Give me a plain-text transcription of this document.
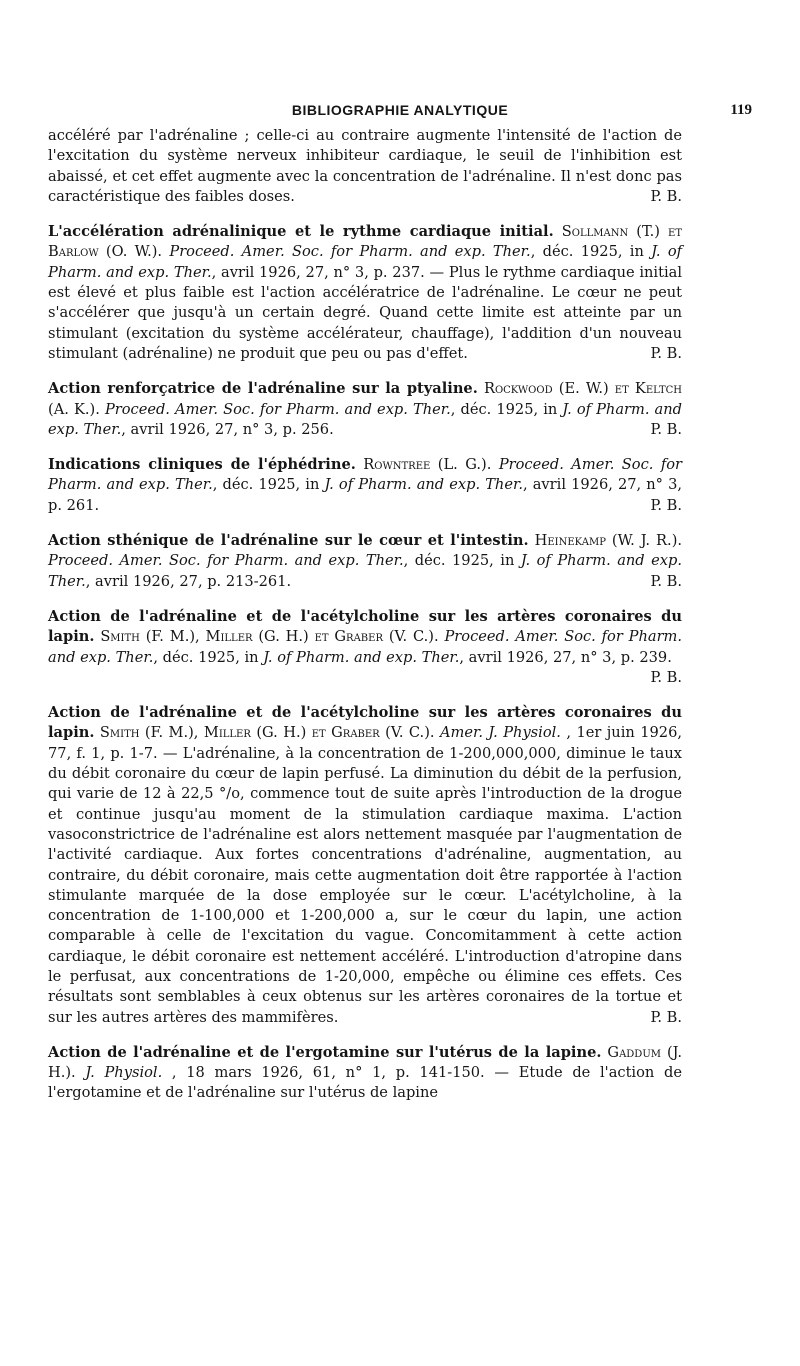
BIBLIOGRAPHIE ANALYTIQUE	119

accéléré par l'adrénaline ; celle-ci au contraire augmente l'intensité de l'action de l'excitation du système nerveux inhibiteur cardiaque, le seuil de l'inhibition est abaissé, et cet effet augmente avec la concentration de l'adrénaline. Il n'est donc pas caractéristique des faibles doses.	P. B.

L'accélération adrénalinique et le rythme cardiaque initial. Sollmann (T.) et Barlow (O. W.). Proceed. Amer. Soc. for Pharm. and exp. Ther., déc. 1925, in J. of Pharm. and exp. Ther., avril 1926, 27, n° 3, p. 237. — Plus le rythme cardiaque initial est élevé et plus faible est l'action accélératrice de l'adrénaline. Le cœur ne peut s'accélérer que jusqu'à un certain degré. Quand cette limite est atteinte par un stimulant (excitation du système accélérateur, chauffage), l'addition d'un nouveau stimulant (adrénaline) ne produit que peu ou pas d'effet.	P. B.

Action renforçatrice de l'adrénaline sur la ptyaline. Rockwood (E. W.) et Keltch (A. K.). Proceed. Amer. Soc. for Pharm. and exp. Ther., déc. 1925, in J. of Pharm. and exp. Ther., avril 1926, 27, n° 3, p. 256.	P. B.

Indications cliniques de l'éphédrine. Rowntree (L. G.). Proceed. Amer. Soc. for Pharm. and exp. Ther., déc. 1925, in J. of Pharm. and exp. Ther., avril 1926, 27, n° 3, p. 261.	P. B.

Action sthénique de l'adrénaline sur le cœur et l'intestin. Heinekamp (W. J. R.). Proceed. Amer. Soc. for Pharm. and exp. Ther., déc. 1925, in J. of Pharm. and exp. Ther., avril 1926, 27, p. 213-261.	P. B.

Action de l'adrénaline et de l'acétylcholine sur les artères coronaires du lapin. Smith (F. M.), Miller (G. H.) et Graber (V. C.). Proceed. Amer. Soc. for Pharm. and exp. Ther., déc. 1925, in J. of Pharm. and exp. Ther., avril 1926, 27, n° 3, p. 239.
P. B.

Action de l'adrénaline et de l'acétylcholine sur les artères coronaires du lapin. Smith (F. M.), Miller (G. H.) et Graber (V. C.). Amer. J. Physiol. , 1er juin 1926, 77, f. 1, p. 1-7. — L'adrénaline, à la concentration de 1-200,000,000, diminue le taux du débit coronaire du cœur de lapin perfusé. La diminution du débit de la perfusion, qui varie de 12 à 22,5 °/o, commence tout de suite après l'introduction de la drogue et continue jusqu'au moment de la stimulation cardiaque maxima. L'action vasoconstrictrice de l'adrénaline est alors nettement masquée par l'augmentation de l'activité cardiaque. Aux fortes concentrations d'adrénaline, augmentation, au contraire, du débit coronaire, mais cette augmentation doit être rapportée à l'action stimulante marquée de la dose employée sur le cœur. L'acétylcholine, à la concentration de 1-100,000 et 1-200,000 a, sur le cœur du lapin, une action comparable à celle de l'excitation du vague. Concomitamment à cette action cardiaque, le débit coronaire est nettement accéléré. L'introduction d'atropine dans le perfusat, aux concentrations de 1-20,000, empêche ou élimine ces effets. Ces résultats sont semblables à ceux obtenus sur les artères coronaires de la tortue et sur les autres artères des mammifères.	P. B.

Action de l'adrénaline et de l'ergotamine sur l'utérus de la lapine. Gaddum (J. H.). J. Physiol. , 18 mars 1926, 61, n° 1, p. 141-150. — Etude de l'action de l'ergotamine et de l'adrénaline sur l'utérus de lapine
